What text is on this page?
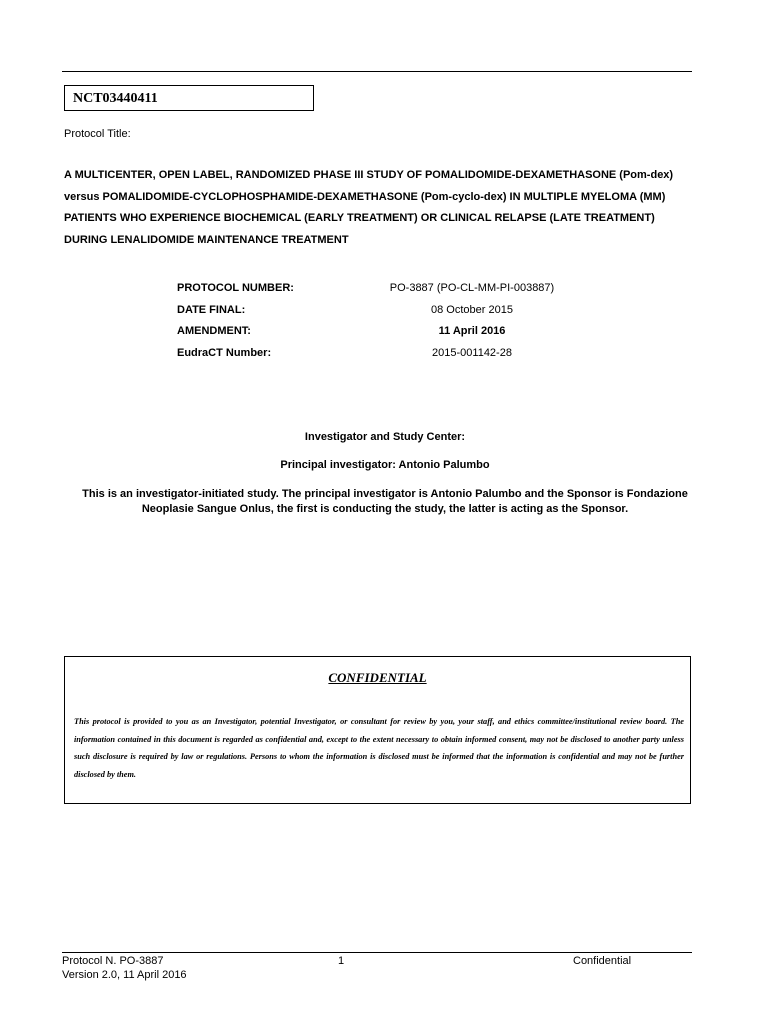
NCT03440411
Protocol Title:
A MULTICENTER, OPEN LABEL, RANDOMIZED PHASE III STUDY OF POMALIDOMIDE-DEXAMETHASONE (Pom-dex)
versus POMALIDOMIDE-CYCLOPHOSPHAMIDE-DEXAMETHASONE (Pom-cyclo-dex) IN MULTIPLE MYELOMA (MM)
PATIENTS WHO EXPERIENCE BIOCHEMICAL (EARLY TREATMENT) OR CLINICAL RELAPSE (LATE TREATMENT)
DURING LENALIDOMIDE MAINTENANCE TREATMENT
PROTOCOL NUMBER:	PO-3887 (PO-CL-MM-PI-003887)
DATE FINAL:	08 October 2015
AMENDMENT:	11 April 2016
EudraCT Number:	2015-001142-28
Investigator and Study Center:
Principal investigator: Antonio Palumbo
This is an investigator-initiated study. The principal investigator is Antonio Palumbo and the Sponsor is Fondazione
Neoplasie Sangue Onlus, the first is conducting the study, the latter is acting as the Sponsor.
CONFIDENTIAL
This protocol is provided to you as an Investigator, potential Investigator, or consultant for review by you, your staff, and ethics committee/institutional review board. The information contained in this document is regarded as confidential and, except to the extent necessary to obtain informed consent, may not be disclosed to another party unless such disclosure is required by law or regulations. Persons to whom the information is disclosed must be informed that the information is confidential and may not be further disclosed by them.
Protocol N. PO-3887
Version 2.0, 11 April 2016
1	Confidential
